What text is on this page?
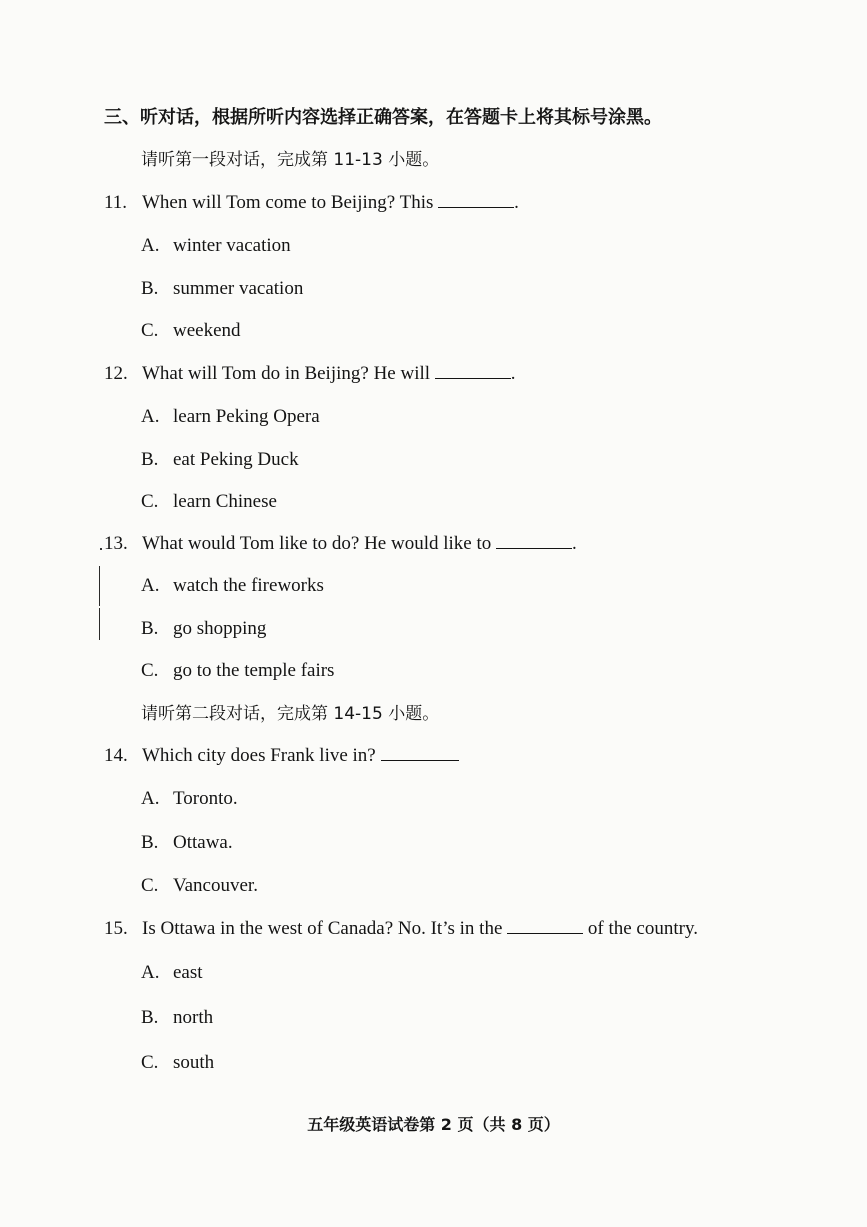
三、听对话，根据所听内容选择正确答案，在答题卡上将其标号涂黑。
请听第一段对话，完成第 11-13 小题。
11. When will Tom come to Beijing? This	.
A. winter vacation
B. summer vacation
C. weekend
12. What will Tom do in Beijing? He will	.
A. learn Peking Opera
B. eat Peking Duck
C. learn Chinese
13. What would Tom like to do? He would like to	.
A. watch the fireworks
B. go shopping
C. go to the temple fairs
请听第二段对话，完成第 14-15 小题。
14. Which city does Frank live in?
A. Toronto.
B. Ottawa.
C. Vancouver.
15. Is Ottawa in the west of Canada? No. It’s in the	of the country.
A. east
B. north
C. south
五年级英语试卷第 2 页（共 8 页）
